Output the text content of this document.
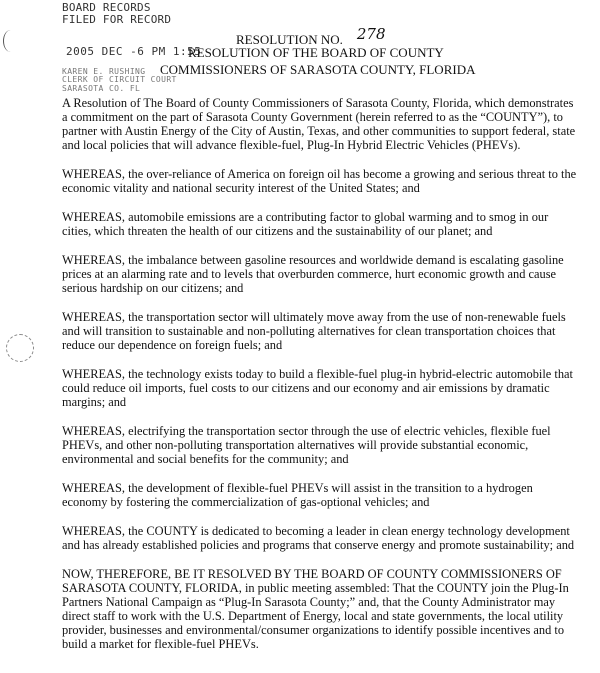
BOARD RECORDS
FILED FOR RECORD
2005 DEC -6 PM 1:55
KAREN E. RUSHING
CLERK OF CIRCUIT COURT
SARASOTA CO. FL
RESOLUTION NO. 278
RESOLUTION OF THE BOARD OF COUNTY
COMMISSIONERS OF SARASOTA COUNTY, FLORIDA

A Resolution of The Board of County Commissioners of Sarasota County, Florida, which demonstrates a commitment on the part of Sarasota County Government (herein referred to as the “COUNTY”), to partner with Austin Energy of the City of Austin, Texas, and other communities to support federal, state and local policies that will advance flexible-fuel, Plug-In Hybrid Electric Vehicles (PHEVs).

WHEREAS, the over-reliance of America on foreign oil has become a growing and serious threat to the economic vitality and national security interest of the United States; and

WHEREAS, automobile emissions are a contributing factor to global warming and to smog in our cities, which threaten the health of our citizens and the sustainability of our planet; and

WHEREAS, the imbalance between gasoline resources and worldwide demand is escalating gasoline prices at an alarming rate and to levels that overburden commerce, hurt economic growth and cause serious hardship on our citizens; and

WHEREAS, the transportation sector will ultimately move away from the use of non-renewable fuels and will transition to sustainable and non-polluting alternatives for clean transportation choices that reduce our dependence on foreign fuels; and

WHEREAS, the technology exists today to build a flexible-fuel plug-in hybrid-electric automobile that could reduce oil imports, fuel costs to our citizens and our economy and air emissions by dramatic margins; and

WHEREAS, electrifying the transportation sector through the use of electric vehicles, flexible fuel PHEVs, and other non-polluting transportation alternatives will provide substantial economic, environmental and social benefits for the community; and

WHEREAS, the development of flexible-fuel PHEVs will assist in the transition to a hydrogen economy by fostering the commercialization of gas-optional vehicles; and

WHEREAS, the COUNTY is dedicated to becoming a leader in clean energy technology development and has already established policies and programs that conserve energy and promote sustainability; and

NOW, THEREFORE, BE IT RESOLVED BY THE BOARD OF COUNTY COMMISSIONERS OF SARASOTA COUNTY, FLORIDA, in public meeting assembled: That the COUNTY join the Plug-In Partners National Campaign as “Plug-In Sarasota County;” and, that the County Administrator may direct staff to work with the U.S. Department of Energy, local and state governments, the local utility provider, businesses and environmental/consumer organizations to identify possible incentives and to build a market for flexible-fuel PHEVs.
